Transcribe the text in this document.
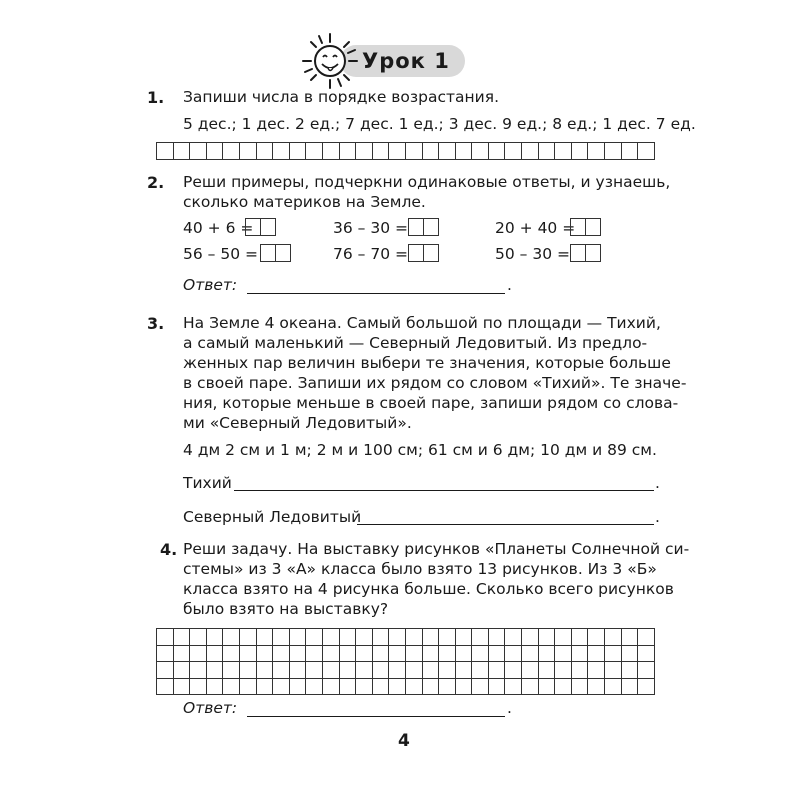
Урок 1
1. Запиши числа в порядке возрастания.
5 дес.; 1 дес. 2 ед.; 7 дес. 1 ед.; 3 дес. 9 ед.; 8 ед.; 1 дес. 7 ед.

2. Реши примеры, подчеркни одинаковые ответы, и узнаешь,
сколько материков на Земле.
40 + 6 =	36 – 30 =	20 + 40 =
56 – 50 =	76 – 70 =	50 – 30 =
Ответ:	.
3. На Земле 4 океана. Самый большой по площади — Тихий,
а самый маленький — Северный Ледовитый. Из предло-
женных пар величин выбери те значения, которые больше
в своей паре. Запиши их рядом со словом «Тихий». Те значе-
ния, которые меньше в своей паре, запиши рядом со слова-
ми «Северный Ледовитый».
4 дм 2 см и 1 м; 2 м и 100 см; 61 см и 6 дм; 10 дм и 89 см.
Тихий	.
Северный Ледовитый	.
4. Реши задачу. На выставку рисунков «Планеты Солнечной си-
стемы» из 3 «А» класса было взято 13 рисунков. Из 3 «Б»
класса взято на 4 рисунка больше. Сколько всего рисунков
было взято на выставку?

Ответ:	.
4
